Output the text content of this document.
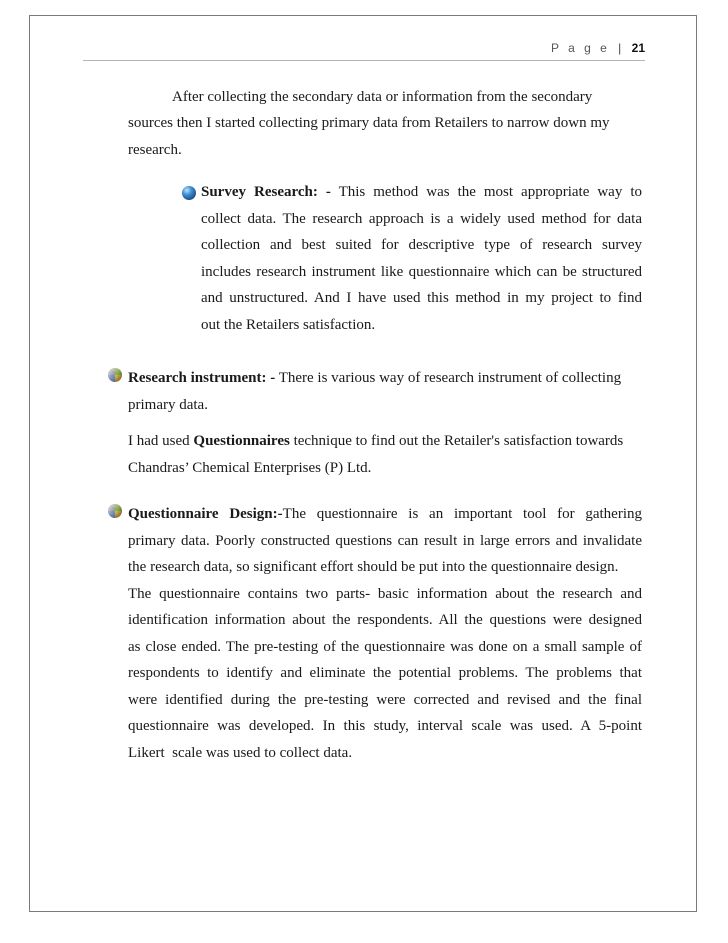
P a g e | 21
After collecting the secondary data or information from the secondary
sources then I started collecting primary data from Retailers to narrow down my
research.
Survey Research: - This method was the most appropriate way to
collect data. The research approach is a widely used method for data
collection and best suited for descriptive type of research survey
includes research instrument like questionnaire which can be structured
and unstructured. And I have used this method in my project to find
out the Retailers satisfaction.
Research instrument: - There is various way of research instrument of collecting
primary data.
I had used Questionnaires technique to find out the Retailer's satisfaction towards
Chandras’ Chemical Enterprises (P) Ltd.
Questionnaire Design:-The questionnaire is an important tool for gathering
primary data. Poorly constructed questions can result in large errors and invalidate
the research data, so significant effort should be put into the questionnaire design.
The questionnaire contains two parts- basic information about the research and
identification information about the respondents. All the questions were designed
as close ended. The pre-testing of the questionnaire was done on a small sample of
respondents to identify and eliminate the potential problems. The problems that
were identified during the pre-testing were corrected and revised and the final
questionnaire was developed. In this study, interval scale was used. A 5-point
Likert  scale was used to collect data.
